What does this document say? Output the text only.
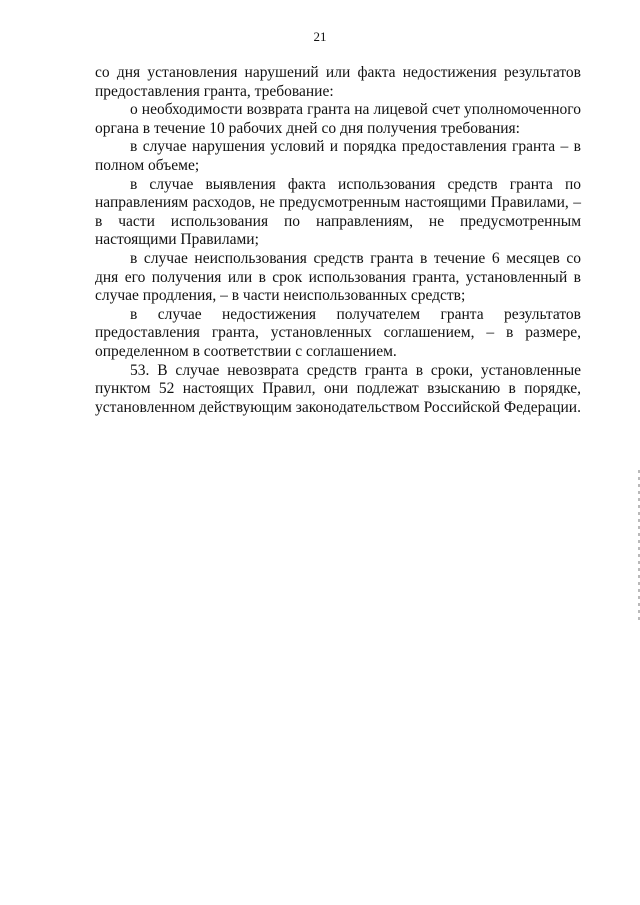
21

со дня установления нарушений или факта недостижения результатов предоставления гранта, требование:

о необходимости возврата гранта на лицевой счет уполномоченного органа в течение 10 рабочих дней со дня получения требования:

в случае нарушения условий и порядка предоставления гранта – в полном объеме;

в случае выявления факта использования средств гранта по направлениям расходов, не предусмотренным настоящими Правилами, – в части использования по направлениям, не предусмотренным настоящими Правилами;

в случае неиспользования средств гранта в течение 6 месяцев со дня его получения или в срок использования гранта, установленный в случае продления, – в части неиспользованных средств;

в случае недостижения получателем гранта результатов предоставления гранта, установленных соглашением, – в размере, определенном в соответствии с соглашением.

53. В случае невозврата средств гранта в сроки, установленные пунктом 52 настоящих Правил, они подлежат взысканию в порядке, установленном действующим законодательством Российской Федерации.
